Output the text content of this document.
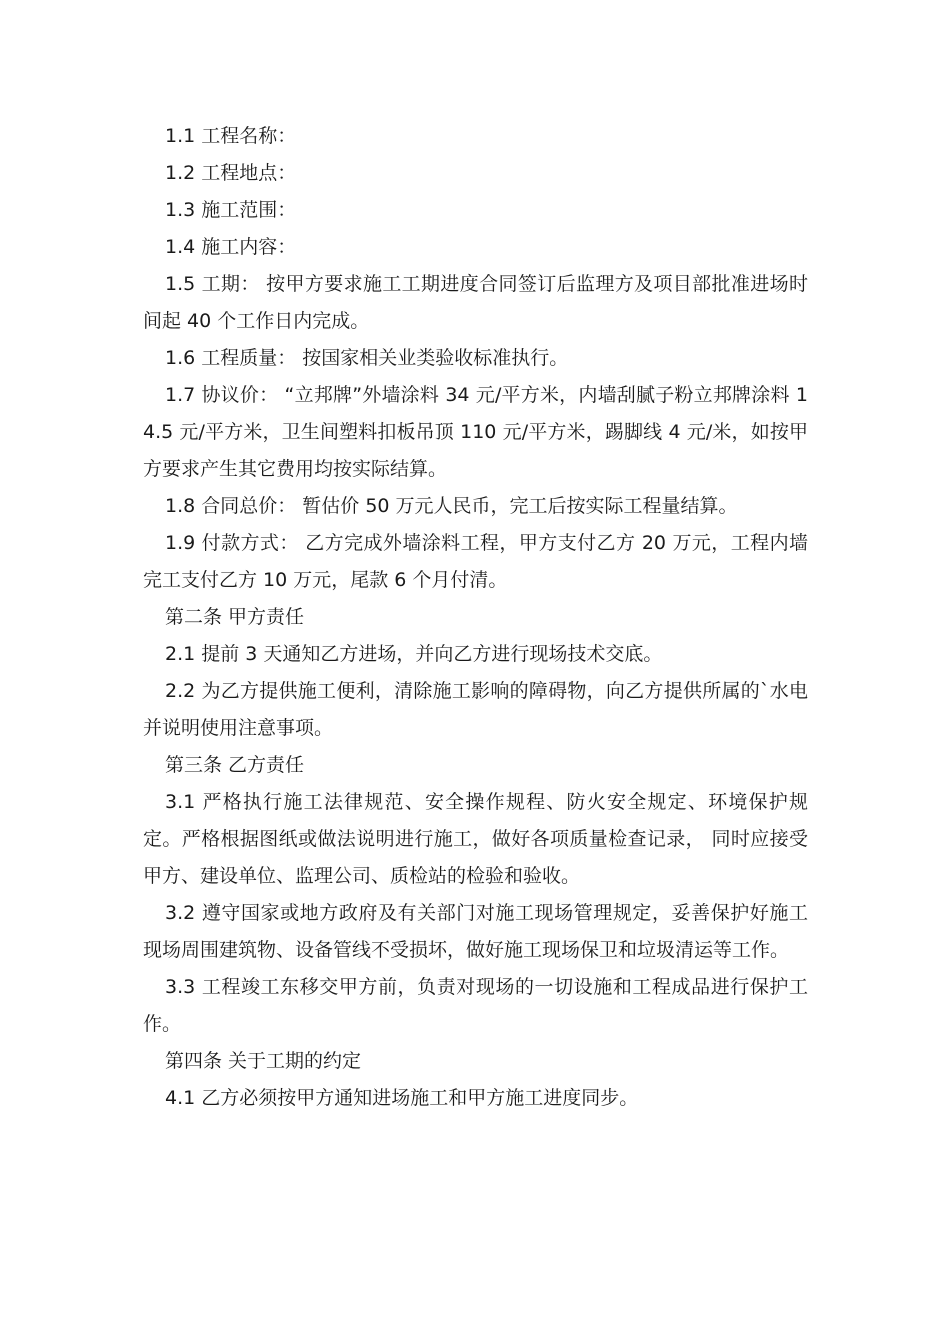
1.1 工程名称：

1.2 工程地点：

1.3 施工范围：

1.4 施工内容：

1.5 工期： 按甲方要求施工工期进度合同签订后监理方及项目部批准进场时间起 40 个工作日内完成。

1.6 工程质量： 按国家相关业类验收标准执行。

1.7 协议价： “立邦牌”外墙涂料 34 元/平方米，内墙刮腻子粉立邦牌涂料 14.5 元/平方米，卫生间塑料扣板吊顶 110 元/平方米，踢脚线 4 元/米，如按甲方要求产生其它费用均按实际结算。

1.8 合同总价： 暂估价 50 万元人民币，完工后按实际工程量结算。

1.9 付款方式： 乙方完成外墙涂料工程，甲方支付乙方 20 万元，工程内墙完工支付乙方 10 万元，尾款 6 个月付清。

第二条 甲方责任

2.1 提前 3 天通知乙方进场，并向乙方进行现场技术交底。

2.2 为乙方提供施工便利，清除施工影响的障碍物，向乙方提供所属的`水电并说明使用注意事项。

第三条 乙方责任

3.1 严格执行施工法律规范、安全操作规程、防火安全规定、环境保护规定。严格根据图纸或做法说明进行施工，做好各项质量检查记录， 同时应接受甲方、建设单位、监理公司、质检站的检验和验收。

3.2 遵守国家或地方政府及有关部门对施工现场管理规定，妥善保护好施工现场周围建筑物、设备管线不受损坏，做好施工现场保卫和垃圾清运等工作。

3.3 工程竣工东移交甲方前，负责对现场的一切设施和工程成品进行保护工作。

第四条 关于工期的约定

4.1 乙方必须按甲方通知进场施工和甲方施工进度同步。
